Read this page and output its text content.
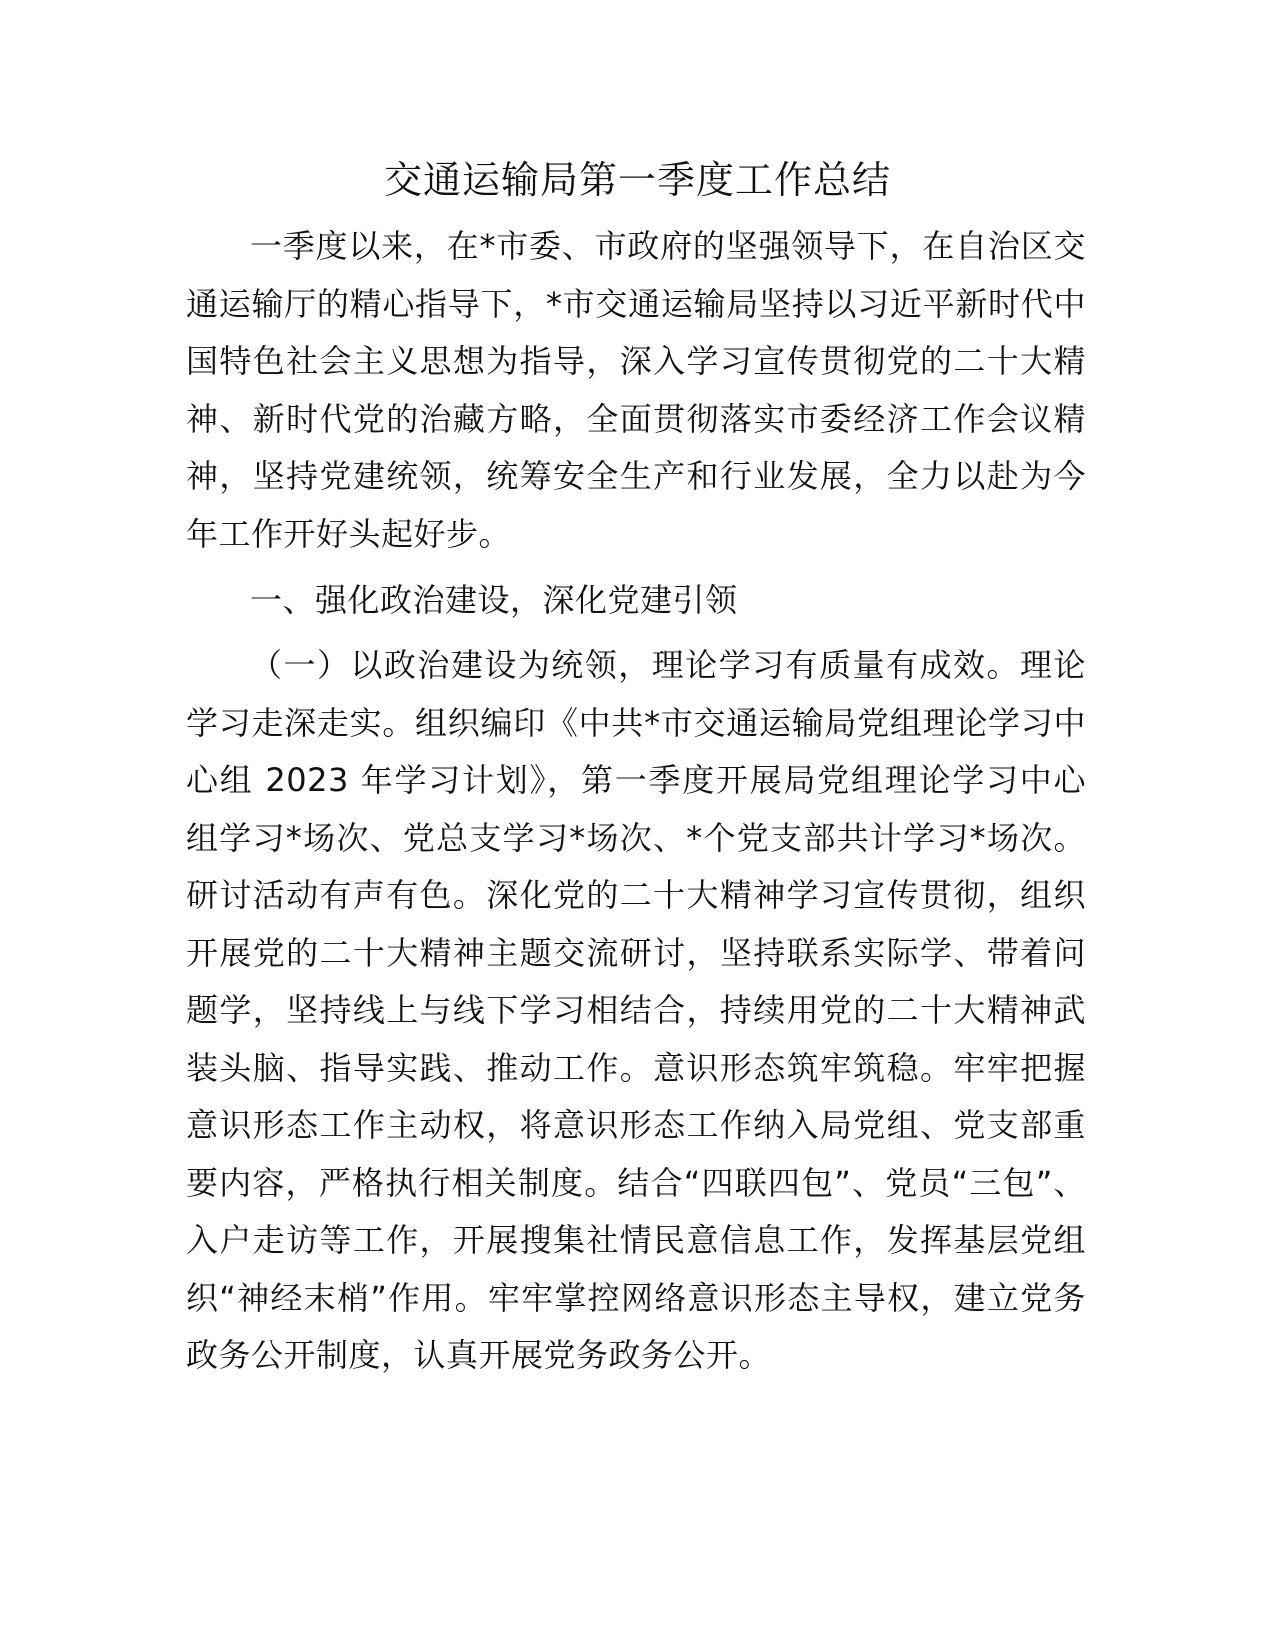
交通运输局第一季度工作总结

一季度以来，在*市委、市政府的坚强领导下，在自治区交通运输厅的精心指导下，*市交通运输局坚持以习近平新时代中国特色社会主义思想为指导，深入学习宣传贯彻党的二十大精神、新时代党的治藏方略，全面贯彻落实市委经济工作会议精神，坚持党建统领，统筹安全生产和行业发展，全力以赴为今年工作开好头起好步。

一、强化政治建设，深化党建引领

（一）以政治建设为统领，理论学习有质量有成效。理论学习走深走实。组织编印《中共*市交通运输局党组理论学习中心组 2023 年学习计划》，第一季度开展局党组理论学习中心组学习*场次、党总支学习*场次、*个党支部共计学习*场次。研讨活动有声有色。深化党的二十大精神学习宣传贯彻，组织开展党的二十大精神主题交流研讨，坚持联系实际学、带着问题学，坚持线上与线下学习相结合，持续用党的二十大精神武装头脑、指导实践、推动工作。意识形态筑牢筑稳。牢牢把握意识形态工作主动权，将意识形态工作纳入局党组、党支部重要内容，严格执行相关制度。结合“四联四包”、党员“三包”、入户走访等工作，开展搜集社情民意信息工作，发挥基层党组织“神经末梢”作用。牢牢掌控网络意识形态主导权，建立党务政务公开制度，认真开展党务政务公开。
